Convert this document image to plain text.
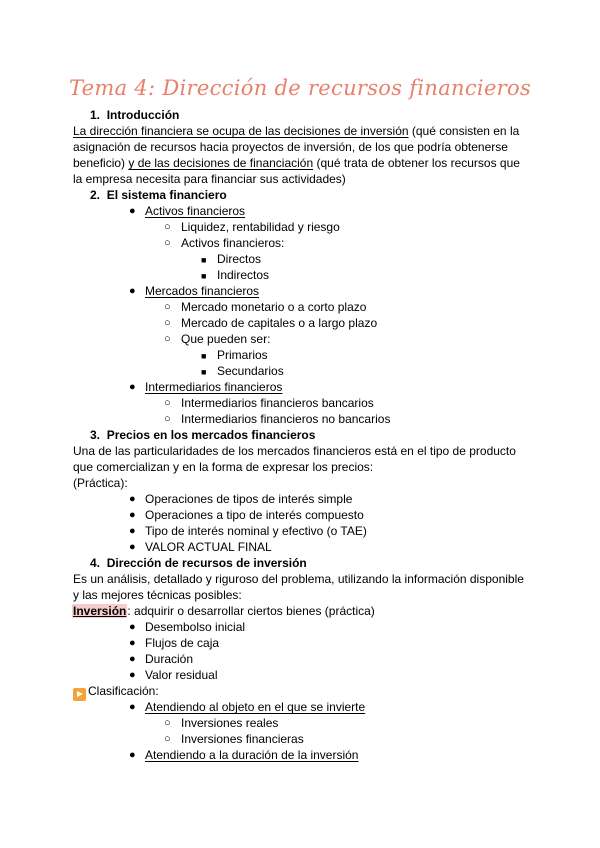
Tema 4: Dirección de recursos financieros
1. Introducción
La dirección financiera se ocupa de las decisiones de inversión (qué consisten en la
asignación de recursos hacia proyectos de inversión, de los que podría obtenerse
beneficio) y de las decisiones de financiación (qué trata de obtener los recursos que
la empresa necesita para financiar sus actividades)
2. El sistema financiero
● Activos financieros
○ Liquidez, rentabilidad y riesgo
○ Activos financieros:
■ Directos
■ Indirectos
● Mercados financieros
○ Mercado monetario o a corto plazo
○ Mercado de capitales o a largo plazo
○ Que pueden ser:
■ Primarios
■ Secundarios
● Intermediarios financieros
○ Intermediarios financieros bancarios
○ Intermediarios financieros no bancarios
3. Precios en los mercados financieros
Una de las particularidades de los mercados financieros está en el tipo de producto
que comercializan y en la forma de expresar los precios:
(Práctica):
● Operaciones de tipos de interés simple
● Operaciones a tipo de interés compuesto
● Tipo de interés nominal y efectivo (o TAE)
● VALOR ACTUAL FINAL
4. Dirección de recursos de inversión
Es un análisis, detallado y riguroso del problema, utilizando la información disponible
y las mejores técnicas posibles:
Inversión: adquirir o desarrollar ciertos bienes (práctica)
● Desembolso inicial
● Flujos de caja
● Duración
● Valor residual
Clasificación:
● Atendiendo al objeto en el que se invierte
○ Inversiones reales
○ Inversiones financieras
● Atendiendo a la duración de la inversión
